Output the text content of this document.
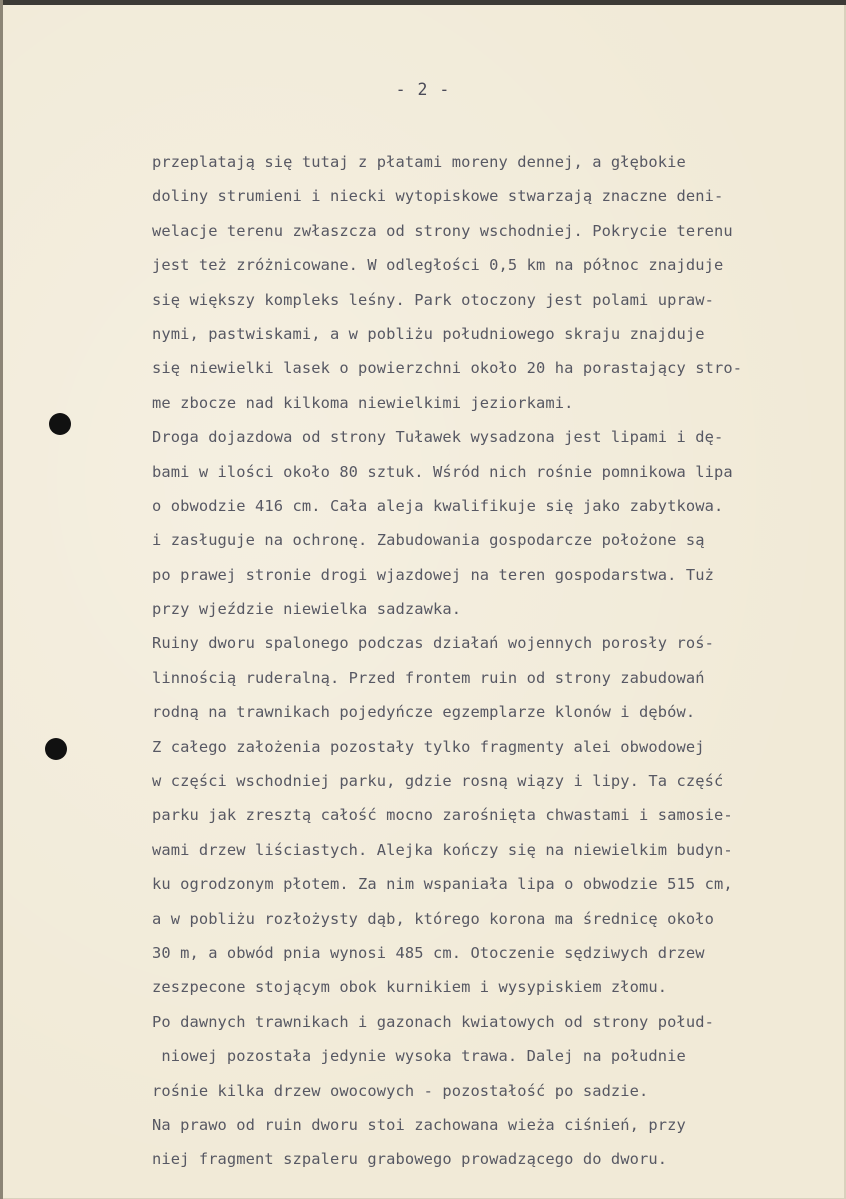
- 2 -
przeplatają się tutaj z płatami moreny dennej, a głębokie
doliny strumieni i niecki wytopiskowe stwarzają znaczne deni-
welacje terenu zwłaszcza od strony wschodniej. Pokrycie terenu
jest też zróżnicowane. W odległości 0,5 km na północ znajduje
się większy kompleks leśny. Park otoczony jest polami upraw-
nymi, pastwiskami, a w pobliżu południowego skraju znajduje
się niewielki lasek o powierzchni około 20 ha porastający stro-
me zbocze nad kilkoma niewielkimi jeziorkami.
Droga dojazdowa od strony Tuławek wysadzona jest lipami i dę-
bami w ilości około 80 sztuk. Wśród nich rośnie pomnikowa lipa
o obwodzie 416 cm. Cała aleja kwalifikuje się jako zabytkowa.
i zasługuje na ochronę. Zabudowania gospodarcze położone są
po prawej stronie drogi wjazdowej na teren gospodarstwa. Tuż
przy wjeździe niewielka sadzawka.
Ruiny dworu spalonego podczas działań wojennych porosły roś-
linnością ruderalną. Przed frontem ruin od strony zabudowań
rodną na trawnikach pojedyńcze egzemplarze klonów i dębów.
Z całego założenia pozostały tylko fragmenty alei obwodowej
w części wschodniej parku, gdzie rosną wiązy i lipy. Ta część
parku jak zresztą całość mocno zarośnięta chwastami i samosie-
wami drzew liściastych. Alejka kończy się na niewielkim budyn-
ku ogrodzonym płotem. Za nim wspaniała lipa o obwodzie 515 cm,
a w pobliżu rozłożysty dąb, którego korona ma średnicę około
30 m, a obwód pnia wynosi 485 cm. Otoczenie sędziwych drzew
zeszpecone stojącym obok kurnikiem i wysypiskiem złomu.
Po dawnych trawnikach i gazonach kwiatowych od strony połud-
niowej pozostała jedynie wysoka trawa. Dalej na południe
rośnie kilka drzew owocowych - pozostałość po sadzie.
Na prawo od ruin dworu stoi zachowana wieża ciśnień, przy
niej fragment szpaleru grabowego prowadzącego do dworu.
